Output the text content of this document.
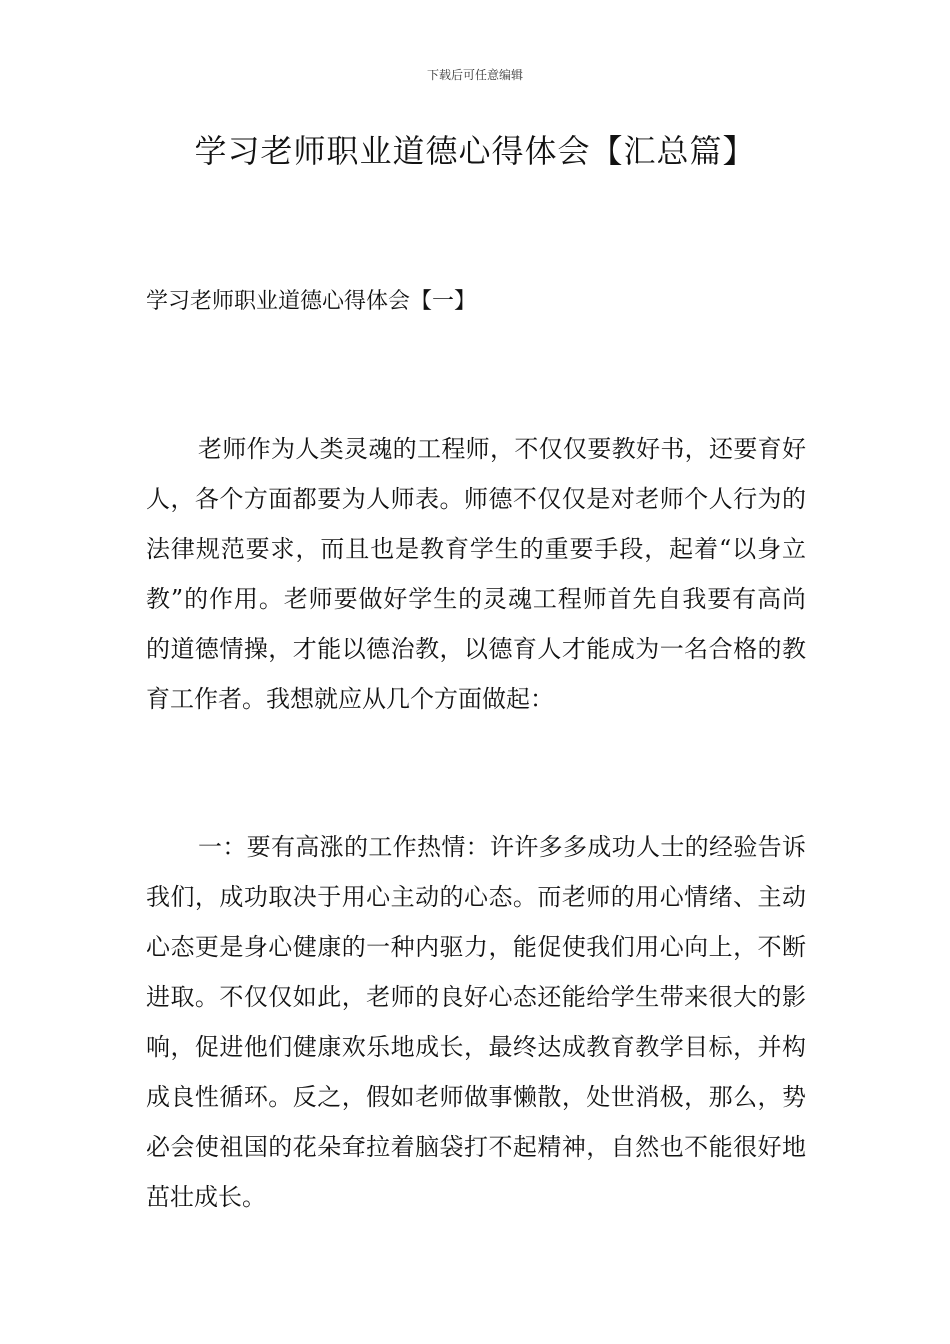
下载后可任意编辑
学习老师职业道德心得体会【汇总篇】
学习老师职业道德心得体会【一】

老师作为人类灵魂的工程师，不仅仅要教好书，还要育好人，各个方面都要为人师表。师德不仅仅是对老师个人行为的法律规范要求，而且也是教育学生的重要手段，起着“以身立教”的作用。老师要做好学生的灵魂工程师首先自我要有高尚的道德情操，才能以德治教，以德育人才能成为一名合格的教育工作者。我想就应从几个方面做起：

一：要有高涨的工作热情：许许多多成功人士的经验告诉我们，成功取决于用心主动的心态。而老师的用心情绪、主动心态更是身心健康的一种内驱力，能促使我们用心向上，不断进取。不仅仅如此，老师的良好心态还能给学生带来很大的影响，促进他们健康欢乐地成长，最终达成教育教学目标，并构成良性循环。反之，假如老师做事懒散，处世消极，那么，势必会使祖国的花朵耷拉着脑袋打不起精神，自然也不能很好地茁壮成长。
